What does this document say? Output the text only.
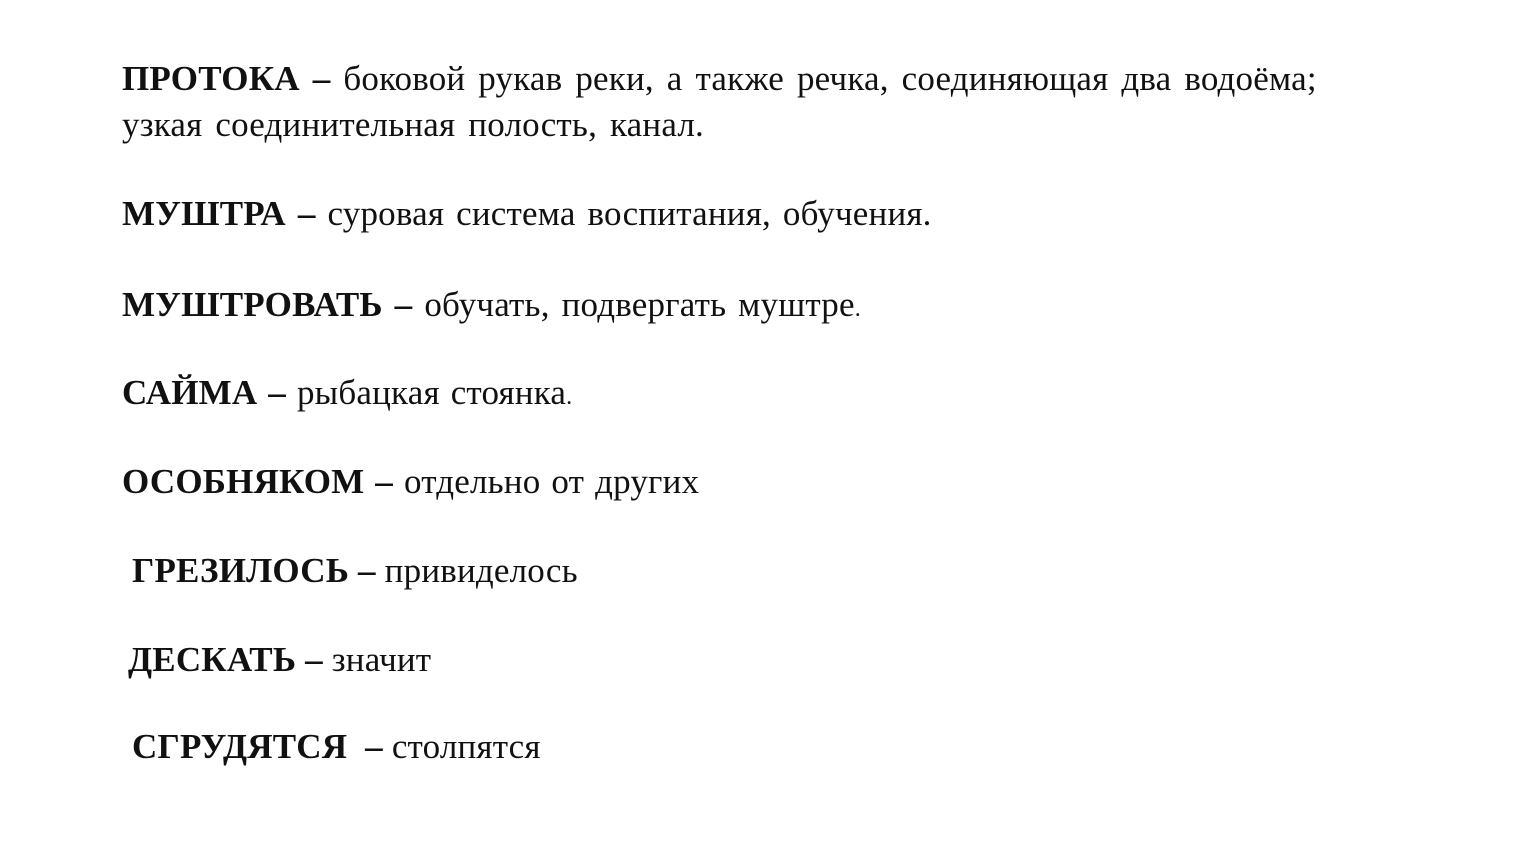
ПРОТОКА – боковой рукав реки, а также речка, соединяющая два водоёма;
узкая соединительная полость, канал.
МУШТРА – суровая система воспитания, обучения.
МУШТРОВАТЬ – обучать, подвергать муштре.
САЙМА – рыбацкая стоянка.
ОСОБНЯКОМ – отдельно от других
ГРЕЗИЛОСЬ – привиделось
ДЕСКАТЬ – значит
СГРУДЯТСЯ  – столпятся
